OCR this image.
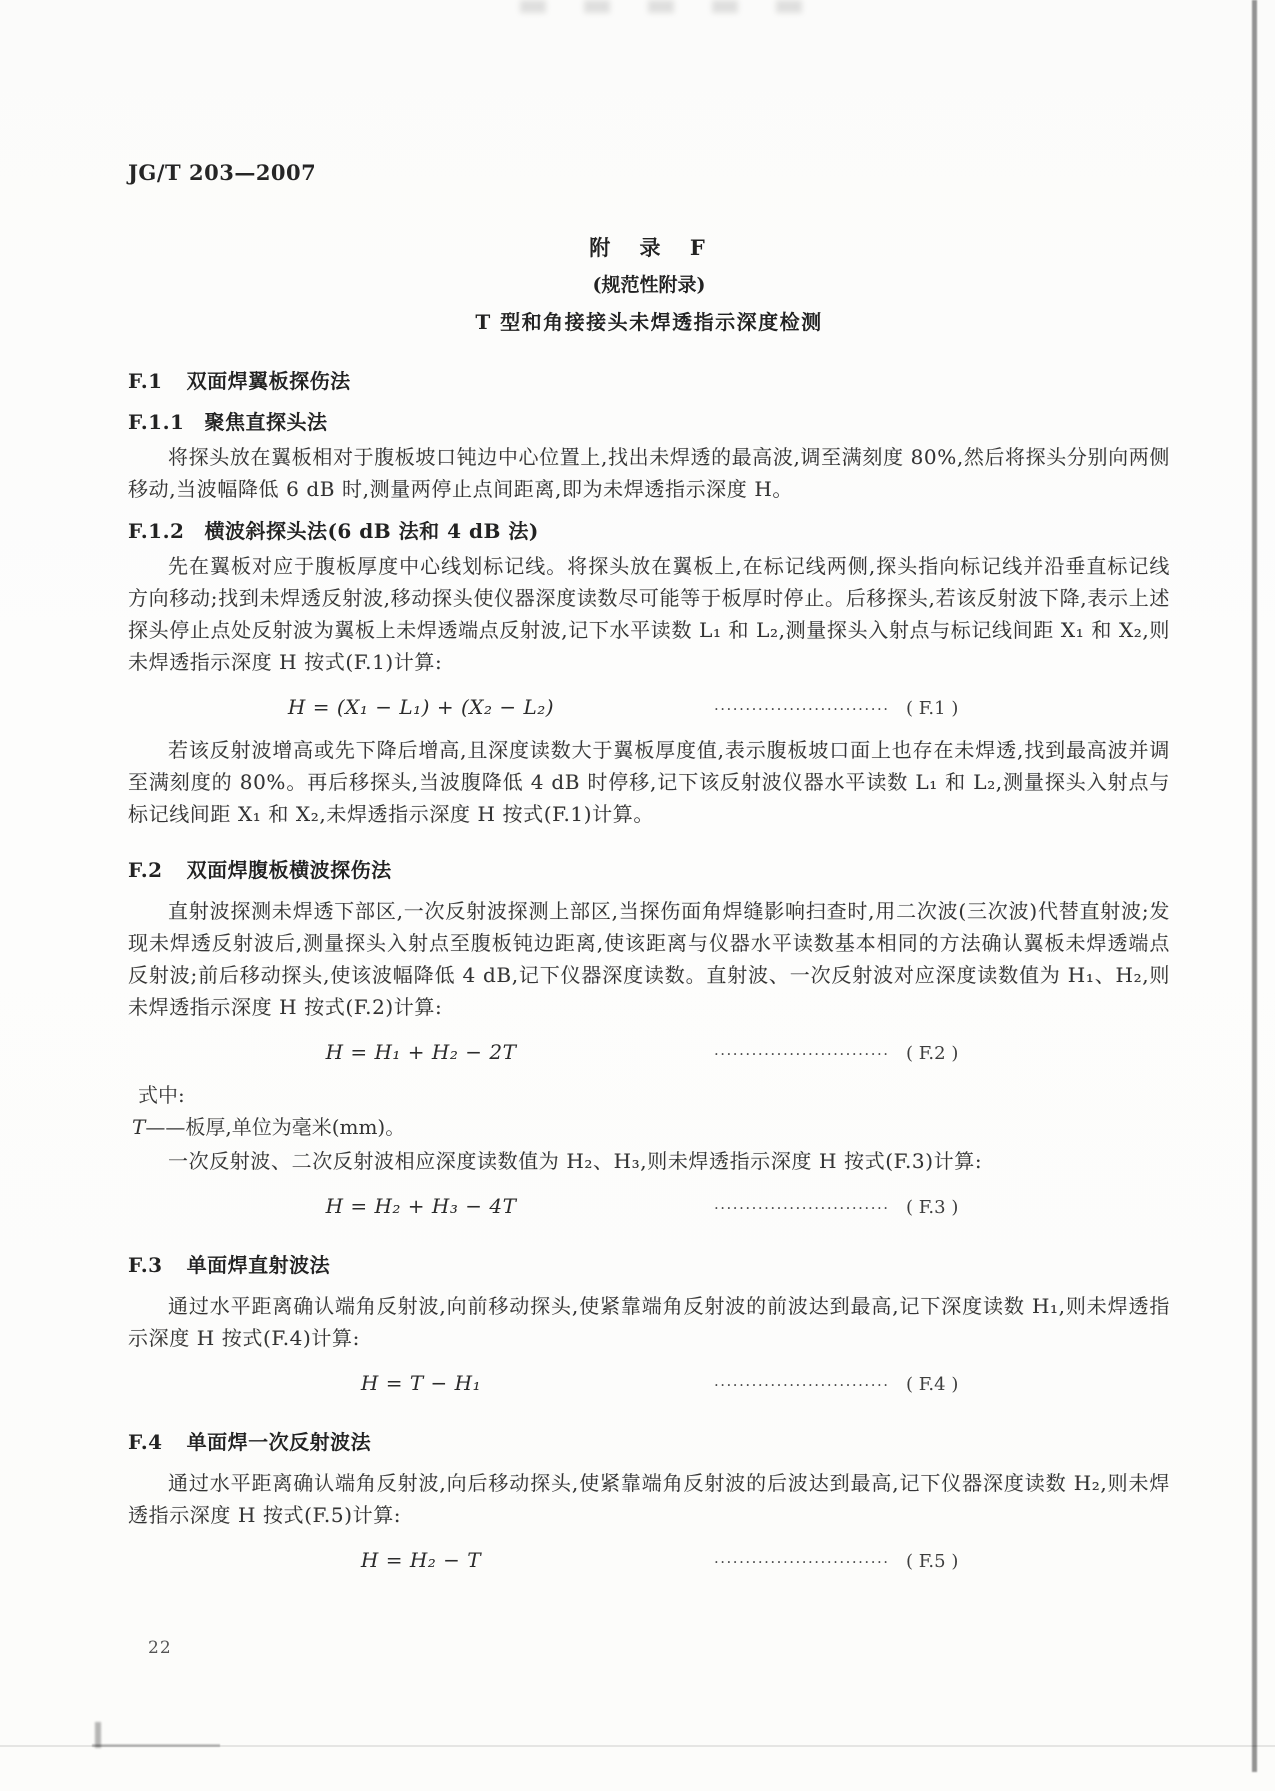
JG/T 203—2007
附 录 F
(规范性附录)
T 型和角接接头未焊透指示深度检测
F.1 双面焊翼板探伤法
F.1.1 聚焦直探头法

将探头放在翼板相对于腹板坡口钝边中心位置上,找出未焊透的最高波,调至满刻度 80%,然后将探头分别向两侧移动,当波幅降低 6 dB 时,测量两停止点间距离,即为未焊透指示深度 H。

F.1.2 横波斜探头法(6 dB 法和 4 dB 法)

先在翼板对应于腹板厚度中心线划标记线。将探头放在翼板上,在标记线两侧,探头指向标记线并沿垂直标记线方向移动;找到未焊透反射波,移动探头使仪器深度读数尽可能等于板厚时停止。后移探头,若该反射波下降,表示上述探头停止点处反射波为翼板上未焊透端点反射波,记下水平读数 L₁ 和 L₂,测量探头入射点与标记线间距 X₁ 和 X₂,则未焊透指示深度 H 按式(F.1)计算:

H = (X₁ − L₁) + (X₂ − L₂)	···························· ( F.1 )

若该反射波增高或先下降后增高,且深度读数大于翼板厚度值,表示腹板坡口面上也存在未焊透,找到最高波并调至满刻度的 80%。再后移探头,当波腹降低 4 dB 时停移,记下该反射波仪器水平读数 L₁ 和 L₂,测量探头入射点与标记线间距 X₁ 和 X₂,未焊透指示深度 H 按式(F.1)计算。

F.2 双面焊腹板横波探伤法

直射波探测未焊透下部区,一次反射波探测上部区,当探伤面角焊缝影响扫查时,用二次波(三次波)代替直射波;发现未焊透反射波后,测量探头入射点至腹板钝边距离,使该距离与仪器水平读数基本相同的方法确认翼板未焊透端点反射波;前后移动探头,使该波幅降低 4 dB,记下仪器深度读数。直射波、一次反射波对应深度读数值为 H₁、H₂,则未焊透指示深度 H 按式(F.2)计算:

H = H₁ + H₂ − 2T	···························· ( F.2 )

式中:

T——板厚,单位为毫米(mm)。

一次反射波、二次反射波相应深度读数值为 H₂、H₃,则未焊透指示深度 H 按式(F.3)计算:

H = H₂ + H₃ − 4T	···························· ( F.3 )
F.3 单面焊直射波法

通过水平距离确认端角反射波,向前移动探头,使紧靠端角反射波的前波达到最高,记下深度读数 H₁,则未焊透指示深度 H 按式(F.4)计算:

H = T − H₁	···························· ( F.4 )
F.4 单面焊一次反射波法

通过水平距离确认端角反射波,向后移动探头,使紧靠端角反射波的后波达到最高,记下仪器深度读数 H₂,则未焊透指示深度 H 按式(F.5)计算:

H = H₂ − T	···························· ( F.5 )
22
